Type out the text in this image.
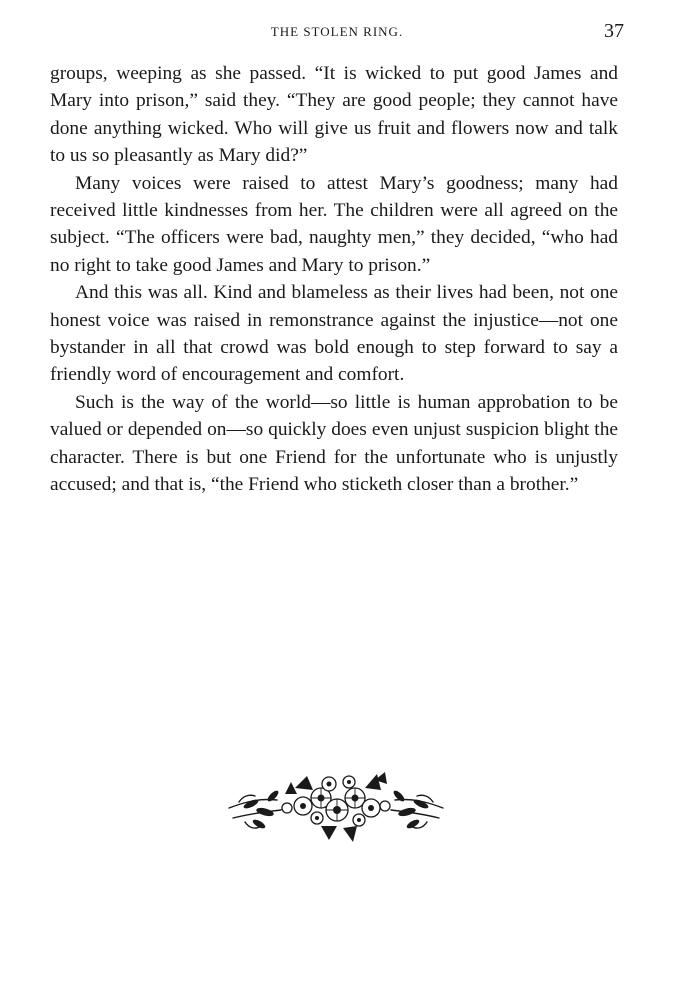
THE STOLEN RING.	37

groups, weeping as she passed. “It is wicked to put good James and Mary into prison,” said they. “They are good people; they cannot have done anything wicked. Who will give us fruit and flowers now and talk to us so pleasantly as Mary did?”

Many voices were raised to attest Mary’s goodness; many had received little kindnesses from her. The children were all agreed on the subject. “The officers were bad, naughty men,” they decided, “who had no right to take good James and Mary to prison.”

And this was all. Kind and blameless as their lives had been, not one honest voice was raised in remonstrance against the injustice—not one bystander in all that crowd was bold enough to step forward to say a friendly word of encouragement and comfort.

Such is the way of the world—so little is human approbation to be valued or depended on—so quickly does even unjust suspicion blight the character. There is but one Friend for the unfortunate who is unjustly accused; and that is, “the Friend who sticketh closer than a brother.”
